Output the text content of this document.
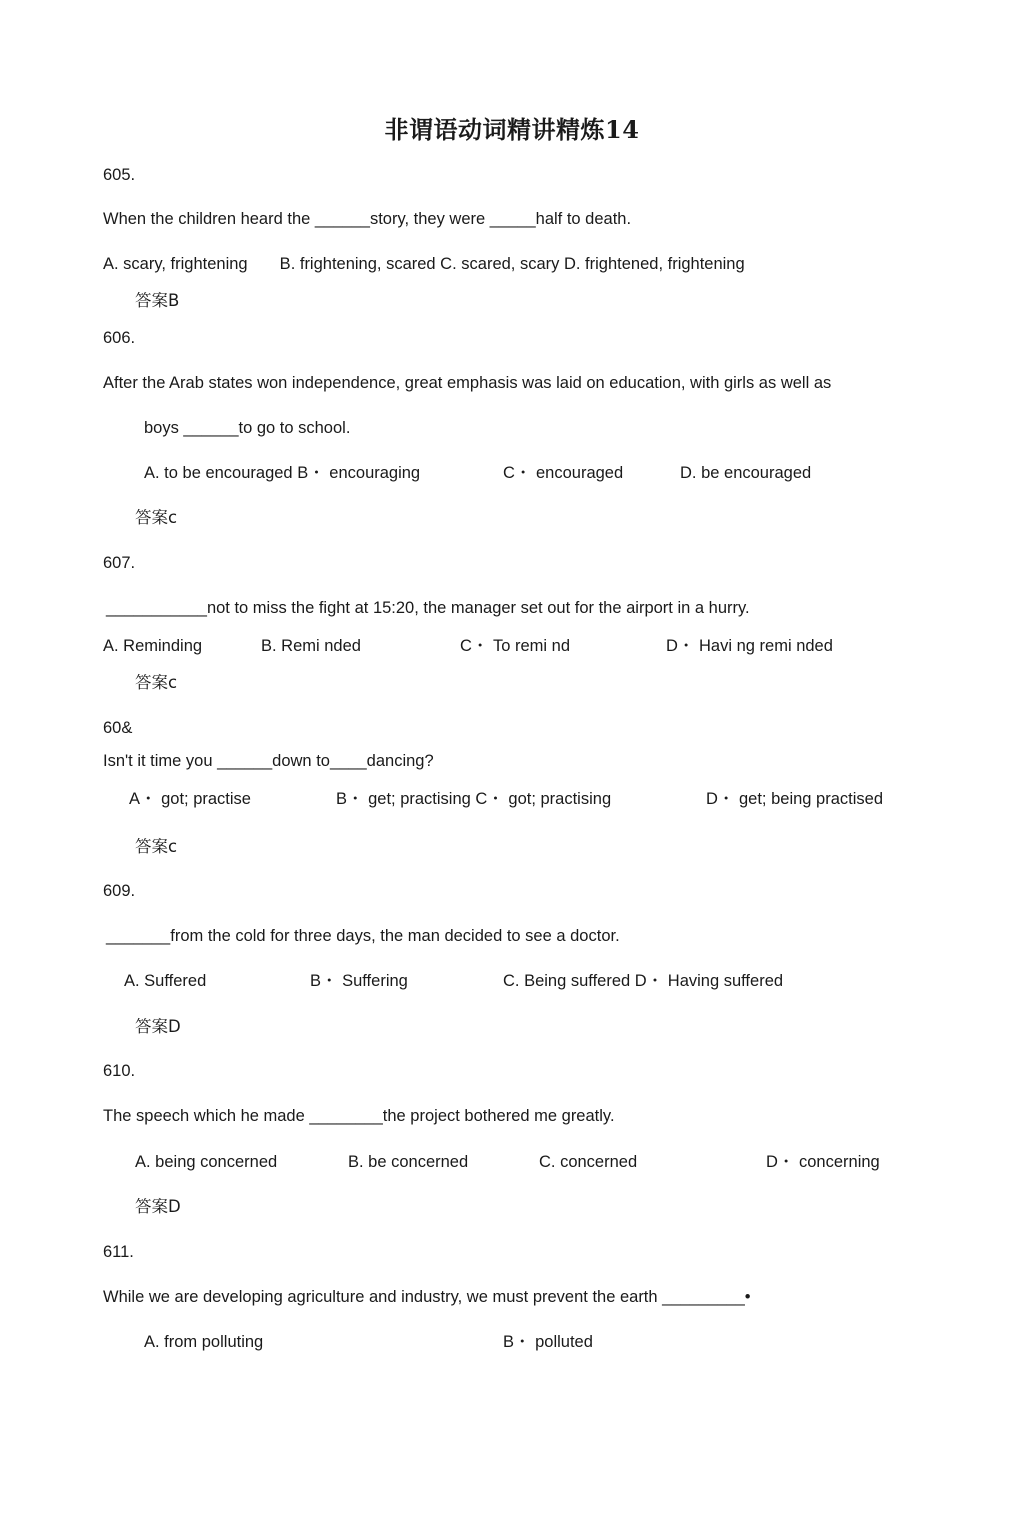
非谓语动词精讲精炼14
605.
When the children heard the ______story, they were _____half to death.
A. scary, frightening       B. frightening, scared C. scared, scary D. frightened, frightening
答案B
606.
After the Arab states won independence, great emphasis was laid on education, with girls as well as
boys ______to go to school.
A. to be encouraged B・ encouraging	C・ encouraged	D. be encouraged
答案c
607.
___________not to miss the fight at 15:20, the manager set out for the airport in a hurry.
A. Reminding	B. Remi nded	C・ To remi nd	D・ Havi ng remi nded
答案c
60&
Isn't it time you ______down to____dancing?
A・ got; practise	B・ get; practising C・ got; practising	D・ get; being practised
答案c
609.
_______from the cold for three days, the man decided to see a doctor.
A. Suffered	B・ Suffering	C. Being suffered D・ Having suffered
答案D
610.
The speech which he made ________the project bothered me greatly.
A. being concerned	B. be concerned	C. concerned	D・ concerning
答案D
611.
While we are developing agriculture and industry, we must prevent the earth _________•
A. from polluting	B・ polluted
